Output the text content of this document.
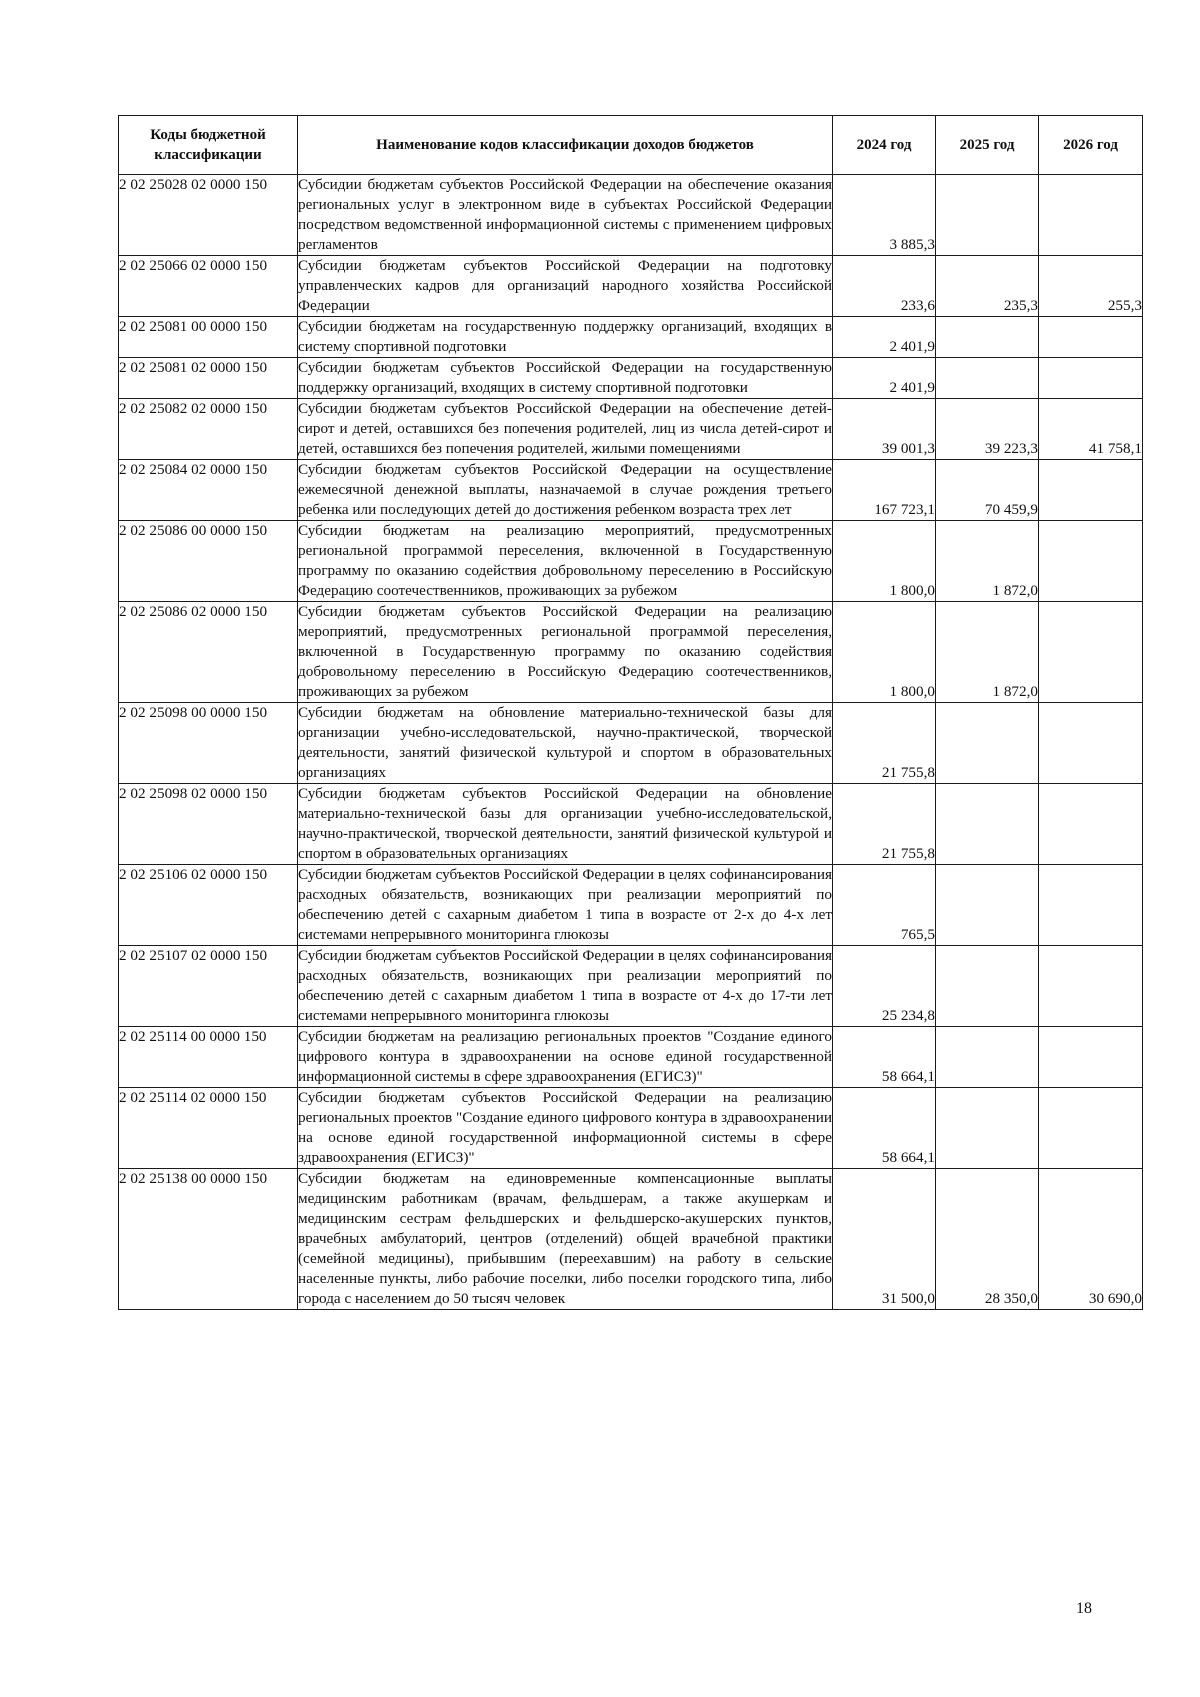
Коды бюджетной классификации	Наименование кодов классификации доходов бюджетов	2024 год	2025 год	2026 год
2 02 25028 02 0000 150	Субсидии бюджетам субъектов Российской Федерации на обеспечение оказания региональных услуг в электронном виде в субъектах Российской Федерации посредством ведомственной информационной системы с применением цифровых регламентов	3 885,3		
2 02 25066 02 0000 150	Субсидии бюджетам субъектов Российской Федерации на подготовку управленческих кадров для организаций народного хозяйства Российской Федерации	233,6	235,3	255,3
2 02 25081 00 0000 150	Субсидии бюджетам на государственную поддержку организаций, входящих в систему спортивной подготовки	2 401,9		
2 02 25081 02 0000 150	Субсидии бюджетам субъектов Российской Федерации на государственную поддержку организаций, входящих в систему спортивной подготовки	2 401,9		
2 02 25082 02 0000 150	Субсидии бюджетам субъектов Российской Федерации на обеспечение детей-сирот и детей, оставшихся без попечения родителей, лиц из числа детей-сирот и детей, оставшихся без попечения родителей, жилыми помещениями	39 001,3	39 223,3	41 758,1
2 02 25084 02 0000 150	Субсидии бюджетам субъектов Российской Федерации на осуществление ежемесячной денежной выплаты, назначаемой в случае рождения третьего ребенка или последующих детей до достижения ребенком возраста трех лет	167 723,1	70 459,9	
2 02 25086 00 0000 150	Субсидии бюджетам на реализацию мероприятий, предусмотренных региональной программой переселения, включенной в Государственную программу по оказанию содействия добровольному переселению в Российскую Федерацию соотечественников, проживающих за рубежом	1 800,0	1 872,0	
2 02 25086 02 0000 150	Субсидии бюджетам субъектов Российской Федерации на реализацию мероприятий, предусмотренных региональной программой переселения, включенной в Государственную программу по оказанию содействия добровольному переселению в Российскую Федерацию соотечественников, проживающих за рубежом	1 800,0	1 872,0	
2 02 25098 00 0000 150	Субсидии бюджетам на обновление материально-технической базы для организации учебно-исследовательской, научно-практической, творческой деятельности, занятий физической культурой и спортом в образовательных организациях	21 755,8		
2 02 25098 02 0000 150	Субсидии бюджетам субъектов Российской Федерации на обновление материально-технической базы для организации учебно-исследовательской, научно-практической, творческой деятельности, занятий физической культурой и спортом в образовательных организациях	21 755,8		
2 02 25106 02 0000 150	Субсидии бюджетам субъектов Российской Федерации в целях софинансирования расходных обязательств, возникающих при реализации мероприятий по обеспечению детей с сахарным диабетом 1 типа в возрасте от 2-х до 4-х лет системами непрерывного мониторинга глюкозы	765,5		
2 02 25107 02 0000 150	Субсидии бюджетам субъектов Российской Федерации в целях софинансирования расходных обязательств, возникающих при реализации мероприятий по обеспечению детей с сахарным диабетом 1 типа в возрасте от 4-х до 17-ти лет системами непрерывного мониторинга глюкозы	25 234,8		
2 02 25114 00 0000 150	Субсидии бюджетам на реализацию региональных проектов "Создание единого цифрового контура в здравоохранении на основе единой государственной информационной системы в сфере здравоохранения (ЕГИСЗ)"	58 664,1		
2 02 25114 02 0000 150	Субсидии бюджетам субъектов Российской Федерации на реализацию региональных проектов "Создание единого цифрового контура в здравоохранении на основе единой государственной информационной системы в сфере здравоохранения (ЕГИСЗ)"	58 664,1		
2 02 25138 00 0000 150	Субсидии бюджетам на единовременные компенсационные выплаты медицинским работникам (врачам, фельдшерам, а также акушеркам и медицинским сестрам фельдшерских и фельдшерско-акушерских пунктов, врачебных амбулаторий, центров (отделений) общей врачебной практики (семейной медицины), прибывшим (переехавшим) на работу в сельские населенные пункты, либо рабочие поселки, либо поселки городского типа, либо города с населением до 50 тысяч человек	31 500,0	28 350,0	30 690,0
18
